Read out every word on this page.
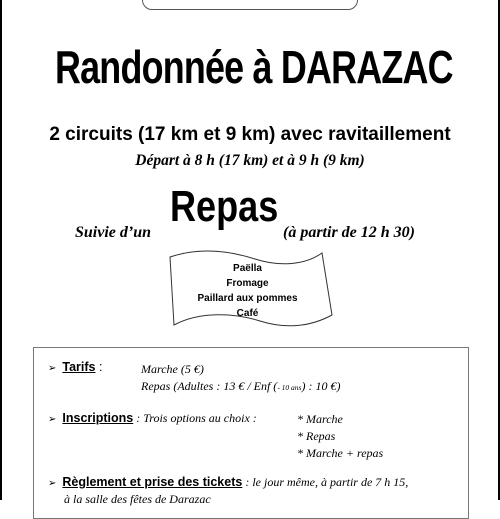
Randonnée à DARAZAC
2 circuits (17 km et 9 km) avec ravitaillement
Départ à 8 h (17 km) et à 9 h (9 km)
Suivie d’un
Repas
(à partir de 12 h 30)
Paëlla
Fromage
Paillard aux pommes
Café
➢ Tarifs :	Marche (5 €)
Repas (Adultes : 13 € / Enf (- 10 ans) : 10 €)
➢ Inscriptions : Trois options au choix :	* Marche
* Repas
* Marche + repas
➢ Règlement et prise des tickets : le jour même, à partir de 7 h 15,
à la salle des fêtes de Darazac
